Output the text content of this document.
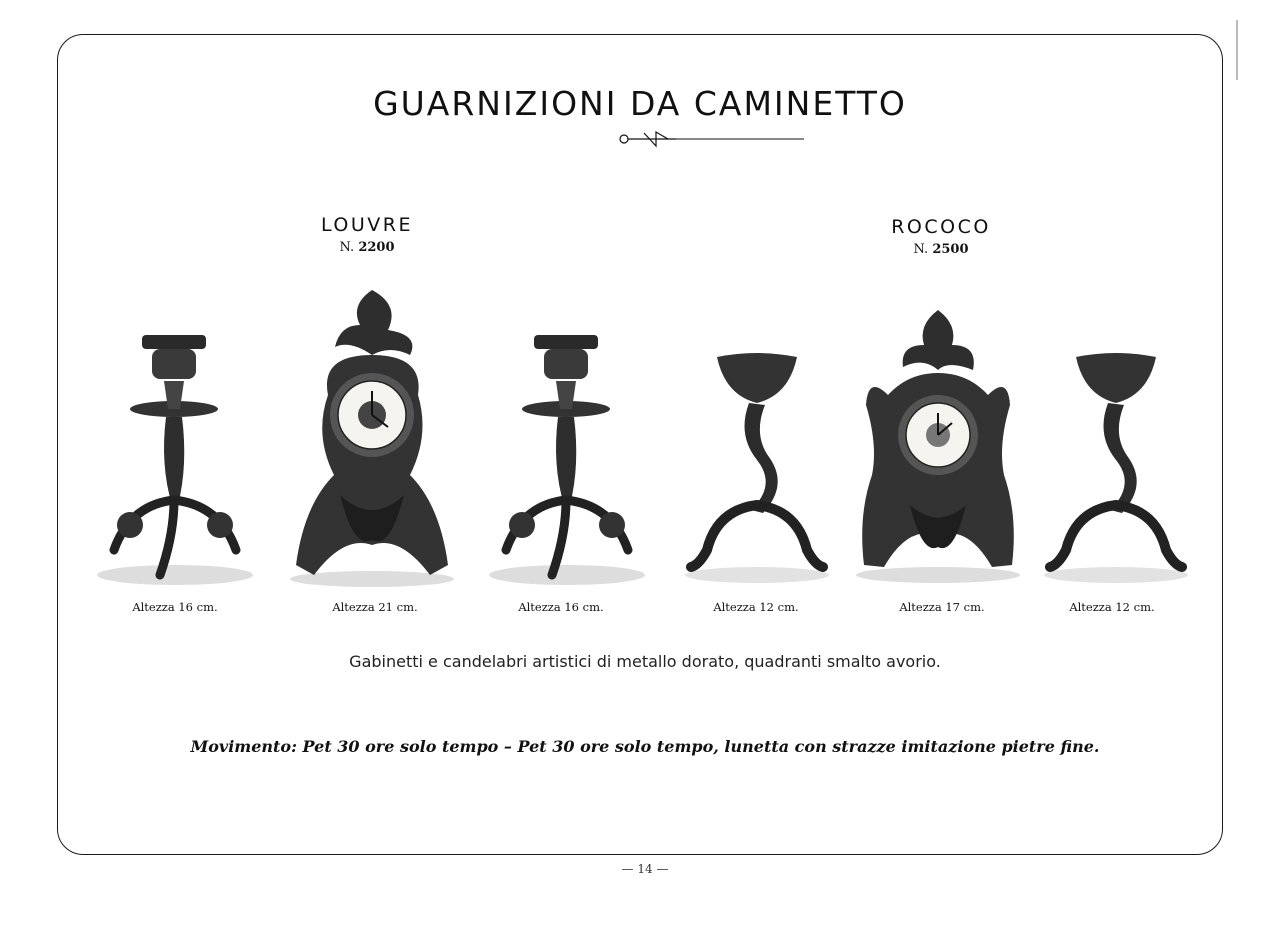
GUARNIZIONI DA CAMINETTO
LOUVRE
N. 2200
ROCOCO
N. 2500
Altezza 16 cm.	Altezza 21 cm.	Altezza 16 cm.	Altezza 12 cm.	Altezza 17 cm.	Altezza 12 cm.
Gabinetti e candelabri artistici di metallo dorato, quadranti smalto avorio.
Movimento: Pet 30 ore solo tempo – Pet 30 ore solo tempo, lunetta con strazze imitazione pietre fine.
— 14 —
